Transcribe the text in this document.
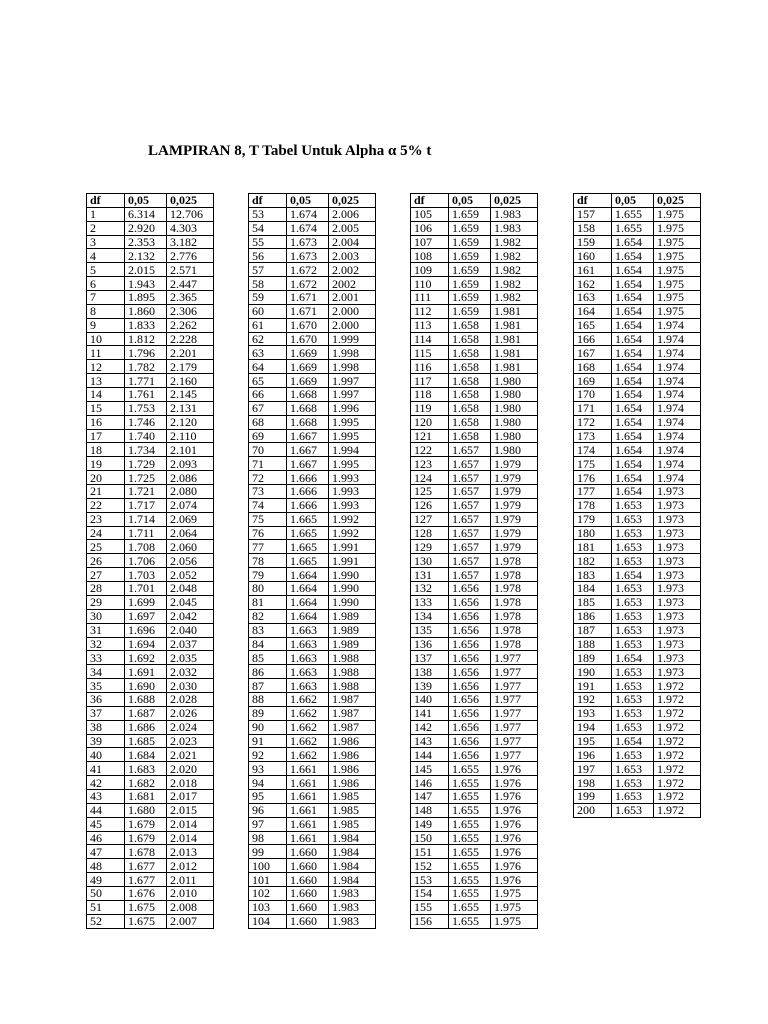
LAMPIRAN 8, T Tabel Untuk Alpha α 5% t
df	0,05	0,025
1	6.314	12.706
2	2.920	4.303
3	2.353	3.182
4	2.132	2.776
5	2.015	2.571
6	1.943	2.447
7	1.895	2.365
8	1.860	2.306
9	1.833	2.262
10	1.812	2.228
11	1.796	2.201
12	1.782	2.179
13	1.771	2.160
14	1.761	2.145
15	1.753	2.131
16	1.746	2.120
17	1.740	2.110
18	1.734	2.101
19	1.729	2.093
20	1.725	2.086
21	1.721	2.080
22	1.717	2.074
23	1.714	2.069
24	1.711	2.064
25	1.708	2.060
26	1.706	2.056
27	1.703	2.052
28	1.701	2.048
29	1.699	2.045
30	1.697	2.042
31	1.696	2.040
32	1.694	2.037
33	1.692	2.035
34	1.691	2.032
35	1.690	2.030
36	1.688	2.028
37	1.687	2.026
38	1.686	2.024
39	1.685	2.023
40	1.684	2.021
41	1.683	2.020
42	1.682	2.018
43	1.681	2.017
44	1.680	2.015
45	1.679	2.014
46	1.679	2.014
47	1.678	2.013
48	1.677	2.012
49	1.677	2.011
50	1.676	2.010
51	1.675	2.008
52	1.675	2.007
df	0,05	0,025
53	1.674	2.006
54	1.674	2.005
55	1.673	2.004
56	1.673	2.003
57	1.672	2.002
58	1.672	2002
59	1.671	2.001
60	1.671	2.000
61	1.670	2.000
62	1.670	1.999
63	1.669	1.998
64	1.669	1.998
65	1.669	1.997
66	1.668	1.997
67	1.668	1.996
68	1.668	1.995
69	1.667	1.995
70	1.667	1.994
71	1.667	1.995
72	1.666	1.993
73	1.666	1.993
74	1.666	1.993
75	1.665	1.992
76	1.665	1.992
77	1.665	1.991
78	1.665	1.991
79	1.664	1.990
80	1.664	1.990
81	1.664	1.990
82	1.664	1.989
83	1.663	1.989
84	1.663	1.989
85	1.663	1.988
86	1.663	1.988
87	1.663	1.988
88	1.662	1.987
89	1.662	1.987
90	1.662	1.987
91	1.662	1.986
92	1.662	1.986
93	1.661	1.986
94	1.661	1.986
95	1.661	1.985
96	1.661	1.985
97	1.661	1.985
98	1.661	1.984
99	1.660	1.984
100	1.660	1.984
101	1.660	1.984
102	1.660	1.983
103	1.660	1.983
104	1.660	1.983
df	0,05	0,025
105	1.659	1.983
106	1.659	1.983
107	1.659	1.982
108	1.659	1.982
109	1.659	1.982
110	1.659	1.982
111	1.659	1.982
112	1.659	1.981
113	1.658	1.981
114	1.658	1.981
115	1.658	1.981
116	1.658	1.981
117	1.658	1.980
118	1.658	1.980
119	1.658	1.980
120	1.658	1.980
121	1.658	1.980
122	1.657	1.980
123	1.657	1.979
124	1.657	1.979
125	1.657	1.979
126	1.657	1.979
127	1.657	1.979
128	1.657	1.979
129	1.657	1.979
130	1.657	1.978
131	1.657	1.978
132	1.656	1.978
133	1.656	1.978
134	1.656	1.978
135	1.656	1.978
136	1.656	1.978
137	1.656	1.977
138	1.656	1.977
139	1.656	1.977
140	1.656	1.977
141	1.656	1.977
142	1.656	1.977
143	1.656	1.977
144	1.656	1.977
145	1.655	1.976
146	1.655	1.976
147	1.655	1.976
148	1.655	1.976
149	1.655	1.976
150	1.655	1.976
151	1.655	1.976
152	1.655	1.976
153	1.655	1.976
154	1.655	1.975
155	1.655	1.975
156	1.655	1.975
df	0,05	0,025
157	1.655	1.975
158	1.655	1.975
159	1.654	1.975
160	1.654	1.975
161	1.654	1.975
162	1.654	1.975
163	1.654	1.975
164	1.654	1.975
165	1.654	1.974
166	1.654	1.974
167	1.654	1.974
168	1.654	1.974
169	1.654	1.974
170	1.654	1.974
171	1.654	1.974
172	1.654	1.974
173	1.654	1.974
174	1.654	1.974
175	1.654	1.974
176	1.654	1.974
177	1.654	1.973
178	1.653	1.973
179	1.653	1.973
180	1.653	1.973
181	1.653	1.973
182	1.653	1.973
183	1.654	1.973
184	1.653	1.973
185	1.653	1.973
186	1.653	1.973
187	1.653	1.973
188	1.653	1.973
189	1.654	1.973
190	1.653	1.973
191	1.653	1.972
192	1.653	1.972
193	1.653	1.972
194	1.653	1.972
195	1.654	1.972
196	1.653	1.972
197	1.653	1.972
198	1.653	1.972
199	1.653	1.972
200	1.653	1.972
